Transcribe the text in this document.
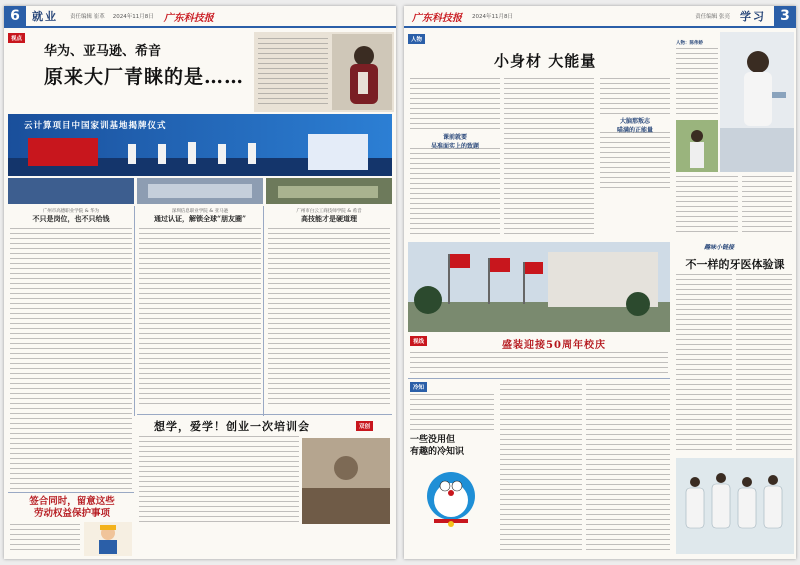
6	就业 责任编辑 崔革 2024年11月8日 广东科技报
视点
华为、亚马逊、希音
原来大厂青睐的是……
云计算项目中国家训基地揭牌仪式
广州市高德职业学院 & 华为
不只是岗位，也不只给钱
深圳信息职业学院 & 亚马逊
通过认证，解锁全球“朋友圈”
广州市白云工商技师学院 & 希音
高技能才是硬道理
想学，爱学！创业一次培训会	双创
签合同时，留意这些
劳动权益保护事项
广东科技报 2024年11月8日	责任编辑 张亮 学习	3
人物
小身材 大能量
课前就要
吴准面实上的致题
大脑那叛志
喵满的正能量
人物：陈伟娇
视线	盛装迎接50周年校庆
趣味小链接
不一样的牙医体验课
冷知
一些没用但
有趣的冷知识
